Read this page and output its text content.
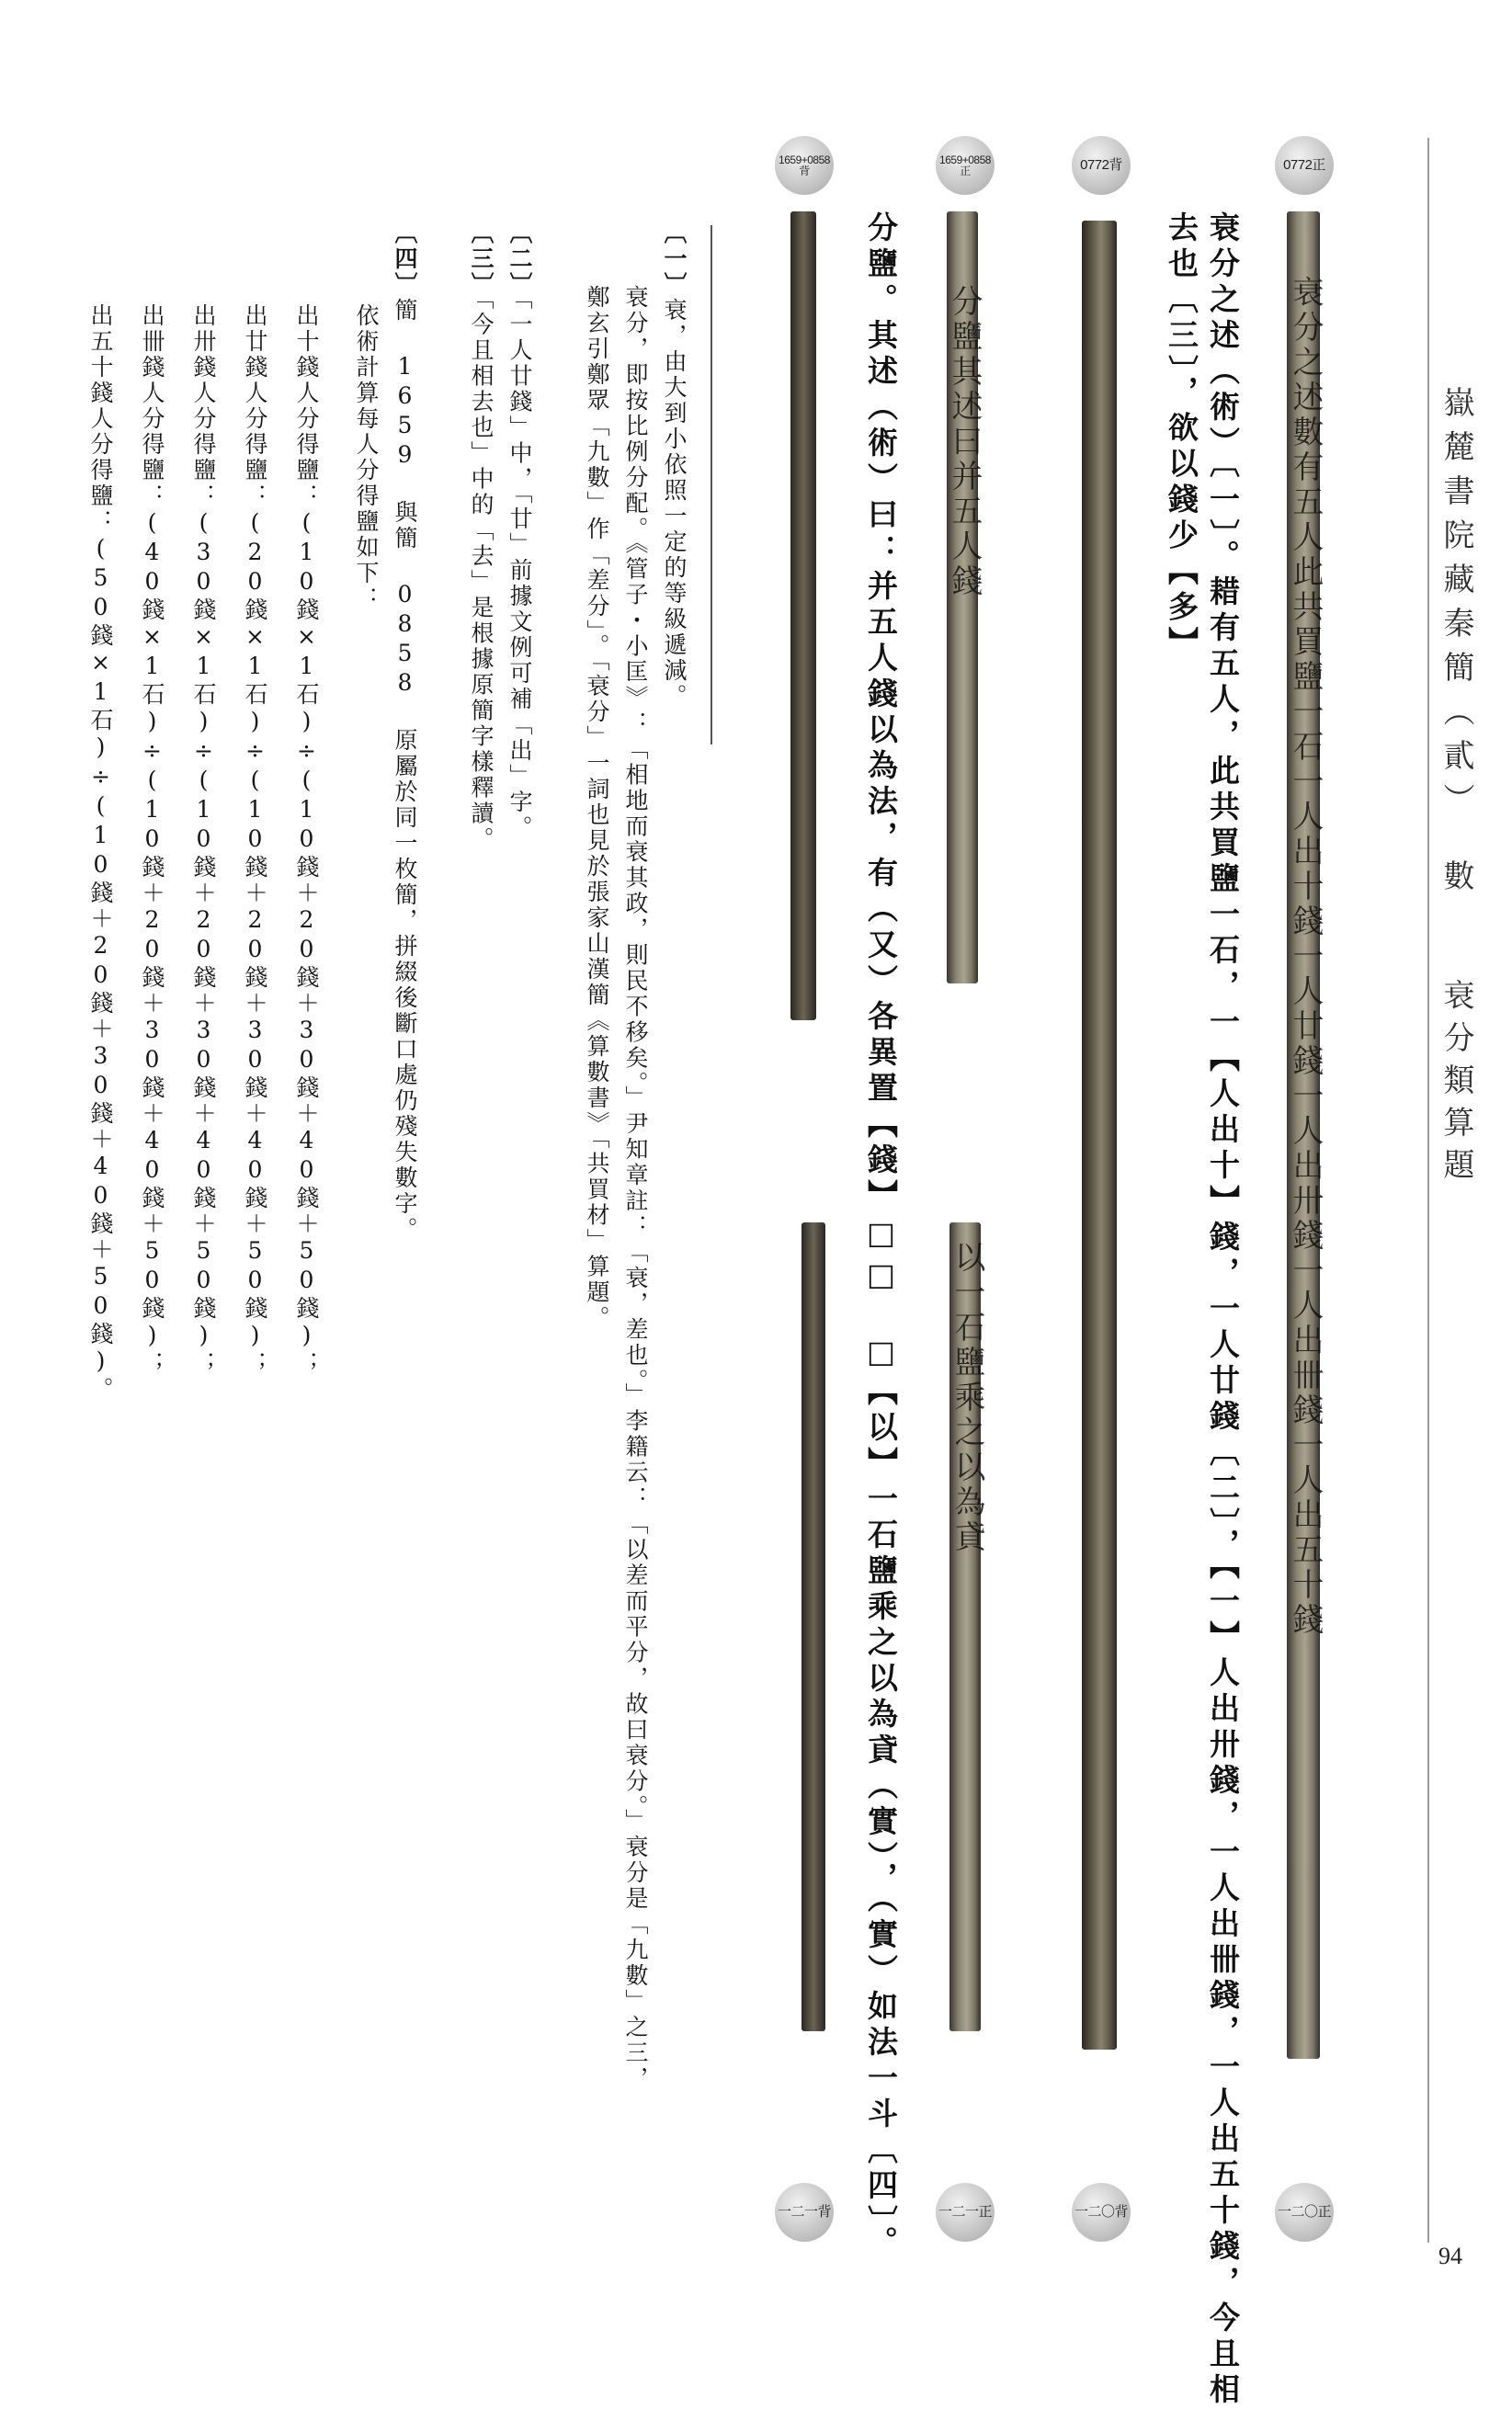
嶽麓書院藏秦簡（貳）
數
衰分類算題
94
0772正
0772背
1659+0858正
1659+0858背
一二〇正
一二〇背
一二一正
一二一背
衰分之述數有五人此共買鹽一石一人出十錢一人廿錢一人出卅錢一人出卌錢一人出五十錢
分鹽其述曰并五人錢
以一石鹽乘之以為貣	衰分之述（術）〔一〕。耤有五人，此共買鹽一石，一【人出十】錢，一人廿錢〔二〕，【一】人出卅錢，一人出卌錢，一人出五十錢，今且相
去也〔三〕，欲以錢少【多】
分鹽。其述（術）曰：并五人錢以為法，有（又）各異置【錢】□□　□【以】一石鹽乘之以為貣（實），（實）如法一斗〔四〕。
〔一〕衰，由大到小依照一定的等級遞減。
衰分，即按比例分配。《管子・小匡》：「相地而衰其政，則民不移矣。」尹知章註：「衰，差也。」李籍云：「以差而平分，故曰衰分。」衰分是「九數」之三，
鄭玄引鄭眾「九數」作「差分」。「衰分」一詞也見於張家山漢簡《算數書》「共買材」算題。
〔二〕「一人廿錢」中，「廿」前據文例可補「出」字。
〔三〕「今且相去也」中的「去」是根據原簡字樣釋讀。
〔四〕簡 1659 與簡 0858 原屬於同一枚簡，拼綴後斷口處仍殘失數字。
依術計算每人分得鹽如下：
出十錢人分得鹽：(10錢×1石)÷(10錢＋20錢＋30錢＋40錢＋50錢)；
出廿錢人分得鹽：(20錢×1石)÷(10錢＋20錢＋30錢＋40錢＋50錢)；
出卅錢人分得鹽：(30錢×1石)÷(10錢＋20錢＋30錢＋40錢＋50錢)；
出卌錢人分得鹽：(40錢×1石)÷(10錢＋20錢＋30錢＋40錢＋50錢)；
出五十錢人分得鹽：(50錢×1石)÷(10錢＋20錢＋30錢＋40錢＋50錢)。
